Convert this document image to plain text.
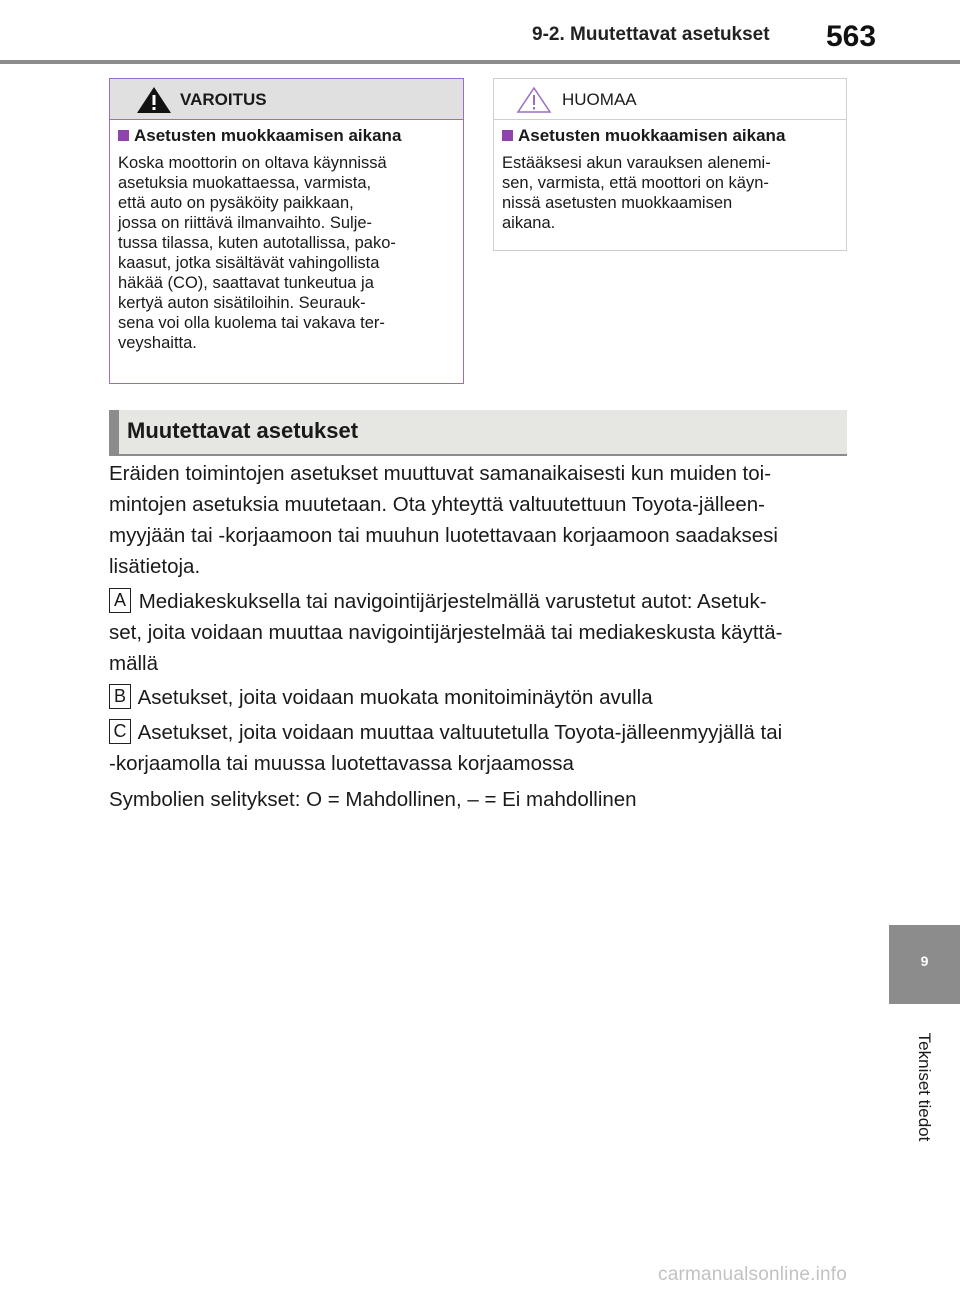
9-2. Muutettavat asetukset 563
VAROITUS
Asetusten muokkaamisen aikana
Koska moottorin on oltava käynnissä
asetuksia muokattaessa, varmista,
että auto on pysäköity paikkaan,
jossa on riittävä ilmanvaihto. Sulje-
tussa tilassa, kuten autotallissa, pako-
kaasut, jotka sisältävät vahingollista
häkää (CO), saattavat tunkeutua ja
kertyä auton sisätiloihin. Seurauk-
sena voi olla kuolema tai vakava ter-
veyshaitta.
HUOMAA
Asetusten muokkaamisen aikana
Estääksesi akun varauksen alenemi-
sen, varmista, että moottori on käyn-
nissä asetusten muokkaamisen
aikana.
Muutettavat asetukset
Eräiden toimintojen asetukset muuttuvat samanaikaisesti kun muiden toi-
mintojen asetuksia muutetaan. Ota yhteyttä valtuutettuun Toyota-jälleen-
myyjään tai -korjaamoon tai muuhun luotettavaan korjaamoon saadaksesi
lisätietoja.
A Mediakeskuksella tai navigointijärjestelmällä varustetut autot: Asetuk-
set, joita voidaan muuttaa navigointijärjestelmää tai mediakeskusta käyttä-
mällä
B Asetukset, joita voidaan muokata monitoiminäytön avulla
C Asetukset, joita voidaan muuttaa valtuutetulla Toyota-jälleenmyyjällä tai
-korjaamolla tai muussa luotettavassa korjaamossa
Symbolien selitykset: O = Mahdollinen, – = Ei mahdollinen
9
Tekniset tiedot
carmanualsonline.info
